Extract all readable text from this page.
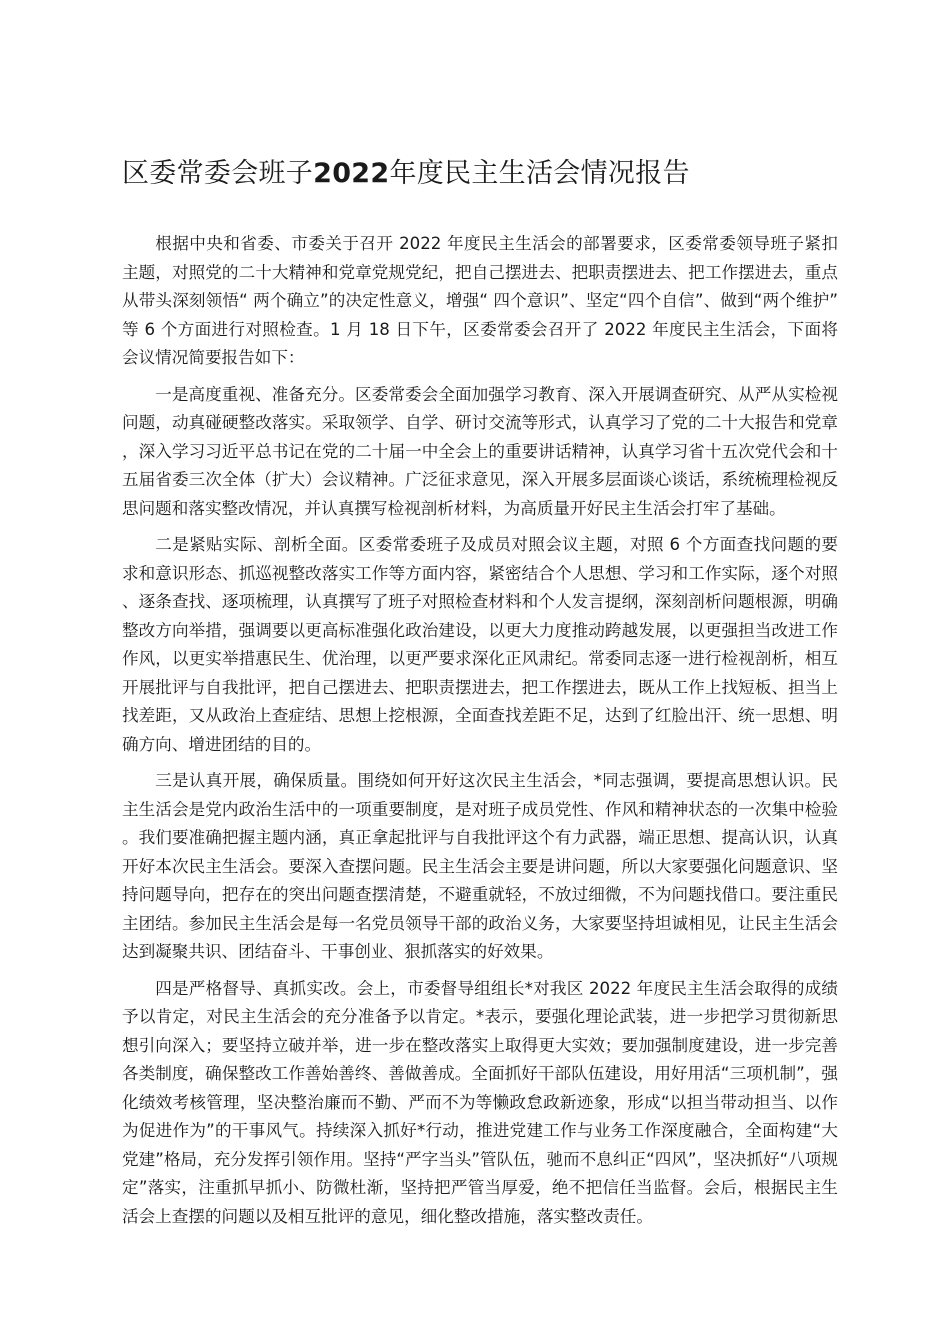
区委常委会班子2022年度民主生活会情况报告

根据中央和省委、市委关于召开 2022 年度民主生活会的部署要求，区委常委领导班子紧扣主题，对照党的二十大精神和党章党规党纪，把自己摆进去、把职责摆进去、把工作摆进去，重点从带头深刻领悟“ 两个确立”的决定性意义，增强“ 四个意识”、坚定“四个自信”、做到“两个维护”等 6 个方面进行对照检查。1 月 18 日下午，区委常委会召开了 2022 年度民主生活会，下面将会议情况简要报告如下：

一是高度重视、准备充分。区委常委会全面加强学习教育、深入开展调查研究、从严从实检视问题，动真碰硬整改落实。采取领学、自学、研讨交流等形式，认真学习了党的二十大报告和党章，深入学习习近平总书记在党的二十届一中全会上的重要讲话精神，认真学习省十五次党代会和十五届省委三次全体（扩大）会议精神。广泛征求意见，深入开展多层面谈心谈话，系统梳理检视反思问题和落实整改情况，并认真撰写检视剖析材料，为高质量开好民主生活会打牢了基础。

二是紧贴实际、剖析全面。区委常委班子及成员对照会议主题，对照 6 个方面查找问题的要求和意识形态、抓巡视整改落实工作等方面内容，紧密结合个人思想、学习和工作实际，逐个对照、逐条查找、逐项梳理，认真撰写了班子对照检查材料和个人发言提纲，深刻剖析问题根源，明确整改方向举措，强调要以更高标准强化政治建设，以更大力度推动跨越发展，以更强担当改进工作作风，以更实举措惠民生、优治理，以更严要求深化正风肃纪。常委同志逐一进行检视剖析，相互开展批评与自我批评，把自己摆进去、把职责摆进去，把工作摆进去，既从工作上找短板、担当上找差距，又从政治上查症结、思想上挖根源，全面查找差距不足，达到了红脸出汗、统一思想、明确方向、增进团结的目的。

三是认真开展，确保质量。围绕如何开好这次民主生活会，*同志强调，要提高思想认识。民主生活会是党内政治生活中的一项重要制度，是对班子成员党性、作风和精神状态的一次集中检验。我们要准确把握主题内涵，真正拿起批评与自我批评这个有力武器，端正思想、提高认识，认真开好本次民主生活会。要深入查摆问题。民主生活会主要是讲问题，所以大家要强化问题意识、坚持问题导向，把存在的突出问题查摆清楚，不避重就轻，不放过细微，不为问题找借口。要注重民主团结。参加民主生活会是每一名党员领导干部的政治义务，大家要坚持坦诚相见，让民主生活会达到凝聚共识、团结奋斗、干事创业、狠抓落实的好效果。

四是严格督导、真抓实改。会上，市委督导组组长*对我区 2022 年度民主生活会取得的成绩予以肯定，对民主生活会的充分准备予以肯定。*表示，要强化理论武装，进一步把学习贯彻新思想引向深入；要坚持立破并举，进一步在整改落实上取得更大实效；要加强制度建设，进一步完善各类制度，确保整改工作善始善终、善做善成。全面抓好干部队伍建设，用好用活“三项机制”，强化绩效考核管理，坚决整治廉而不勤、严而不为等懒政怠政新迹象，形成“以担当带动担当、以作为促进作为”的干事风气。持续深入抓好*行动，推进党建工作与业务工作深度融合，全面构建“大党建”格局，充分发挥引领作用。坚持“严字当头”管队伍，驰而不息纠正“四风”，坚决抓好“八项规定”落实，注重抓早抓小、防微杜渐，坚持把严管当厚爱，绝不把信任当监督。会后，根据民主生活会上查摆的问题以及相互批评的意见，细化整改措施，落实整改责任。
